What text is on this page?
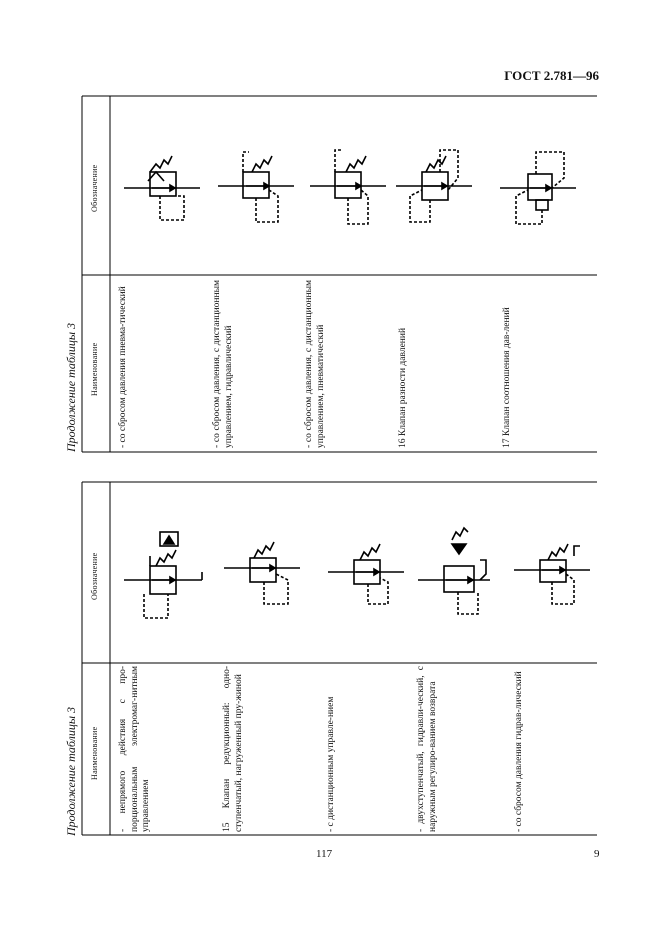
ГОСТ 2.781—96
Продолжение таблицы 3
Продолжение таблицы 3
Обозначение
Наименование
Обозначение
Наименование
- со сбросом давления пневма-тический	- со сбросом давления, с дистанционным управлением, гидравлический	- со сбросом давления, с дистанционным управлением, пневматический	16 Клапан разности давлений	17 Клапан соотношения дав-лений
- непрямого действия с про-порциональным электромаг-нитным управлением	15 Клапан редукционный: одно-ступенчатый, нагруженный пру-жиной	- с дистанционным управле-нием	- двухступенчатый, гидравли-ческий, с наружным регулиро-ванием возврата	- со сбросом давления гидрав-лический
117	9
